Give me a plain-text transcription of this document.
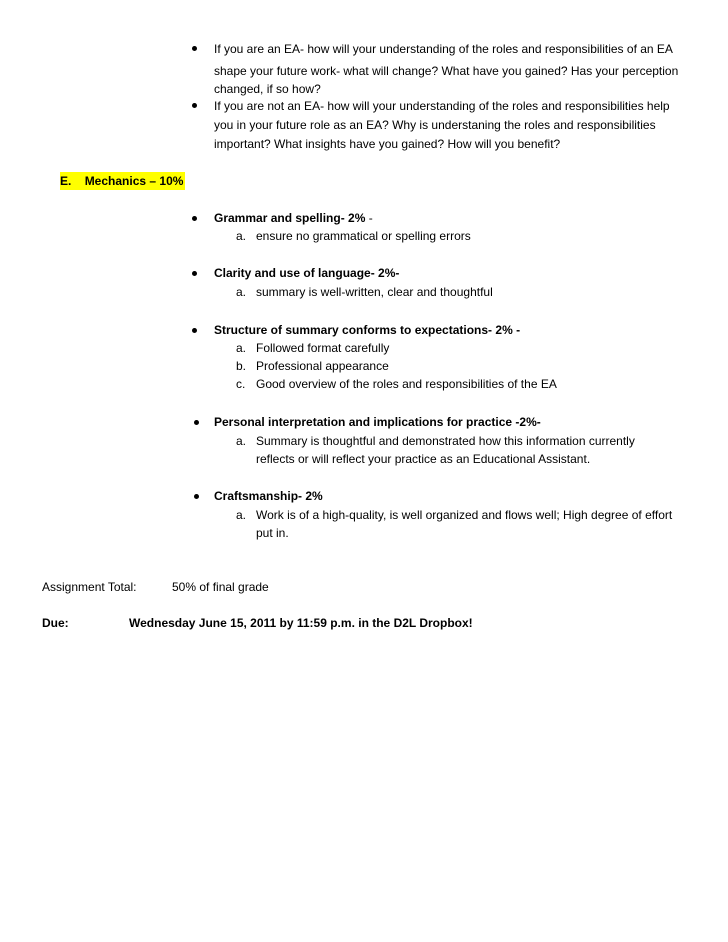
If you are an EA- how will your understanding of the roles and responsibilities of an EA
shape your future work- what will change? What have you gained? Has your perception
changed, if so how?
If you are not an EA- how will your understanding of the roles and responsibilities help
you in your future role as an EA? Why is understaning the roles and responsibilities
important? What insights have you gained? How will you benefit?
E. Mechanics – 10%
Grammar and spelling- 2% -
a. ensure no grammatical or spelling errors
Clarity and use of language- 2%-
a. summary is well-written, clear and thoughtful
Structure of summary conforms to expectations- 2% -
a. Followed format carefully
b. Professional appearance
c. Good overview of the roles and responsibilities of the EA
Personal interpretation and implications for practice -2%-
a. Summary is thoughtful and demonstrated how this information currently
reflects or will reflect your practice as an Educational Assistant.
Craftsmanship- 2%
a. Work is of a high-quality, is well organized and flows well; High degree of effort
put in.
Assignment Total:	50% of final grade
Due:	Wednesday June 15, 2011 by 11:59 p.m. in the D2L Dropbox!
